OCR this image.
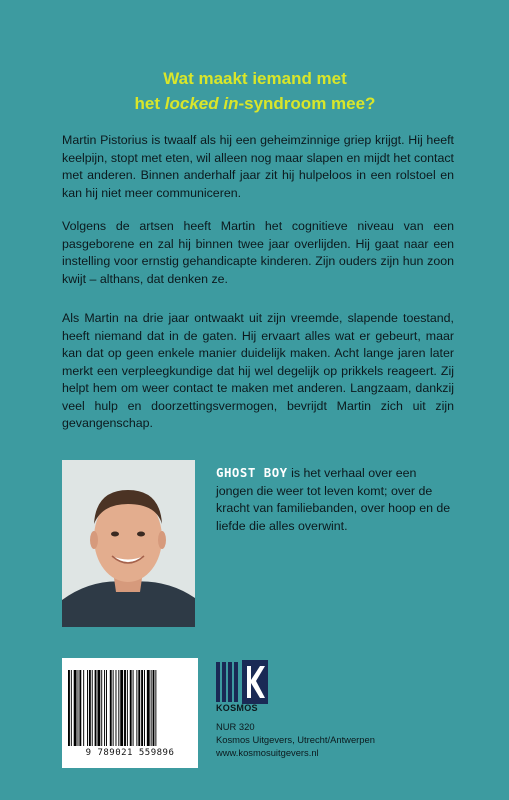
Wat maakt iemand met
het locked in-syndroom mee?

Martin Pistorius is twaalf als hij een geheimzinnige griep krijgt. Hij heeft keelpijn, stopt met eten, wil alleen nog maar slapen en mijdt het contact met anderen. Binnen anderhalf jaar zit hij hulpeloos in een rolstoel en kan hij niet meer communiceren.

Volgens de artsen heeft Martin het cognitieve niveau van een pasgeborene en zal hij binnen twee jaar overlijden. Hij gaat naar een instelling voor ernstig gehandicapte kinderen. Zijn ouders zijn hun zoon kwijt – althans, dat denken ze.

Als Martin na drie jaar ontwaakt uit zijn vreemde, slapende toestand, heeft niemand dat in de gaten. Hij ervaart alles wat er gebeurt, maar kan dat op geen enkele manier duidelijk maken. Acht lange jaren later merkt een verpleegkundige dat hij wel degelijk op prikkels reageert. Zij helpt hem om weer contact te maken met anderen. Langzaam, dankzij veel hulp en doorzettingsvermogen, bevrijdt Martin zich uit zijn gevangenschap.

GHOST BOY is het verhaal over een jongen die weer tot leven komt; over de kracht van familiebanden, over hoop en de liefde die alles overwint.
9 789021 559896
KOSMOS
NUR 320
Kosmos Uitgevers, Utrecht/Antwerpen
www.kosmosuitgevers.nl
